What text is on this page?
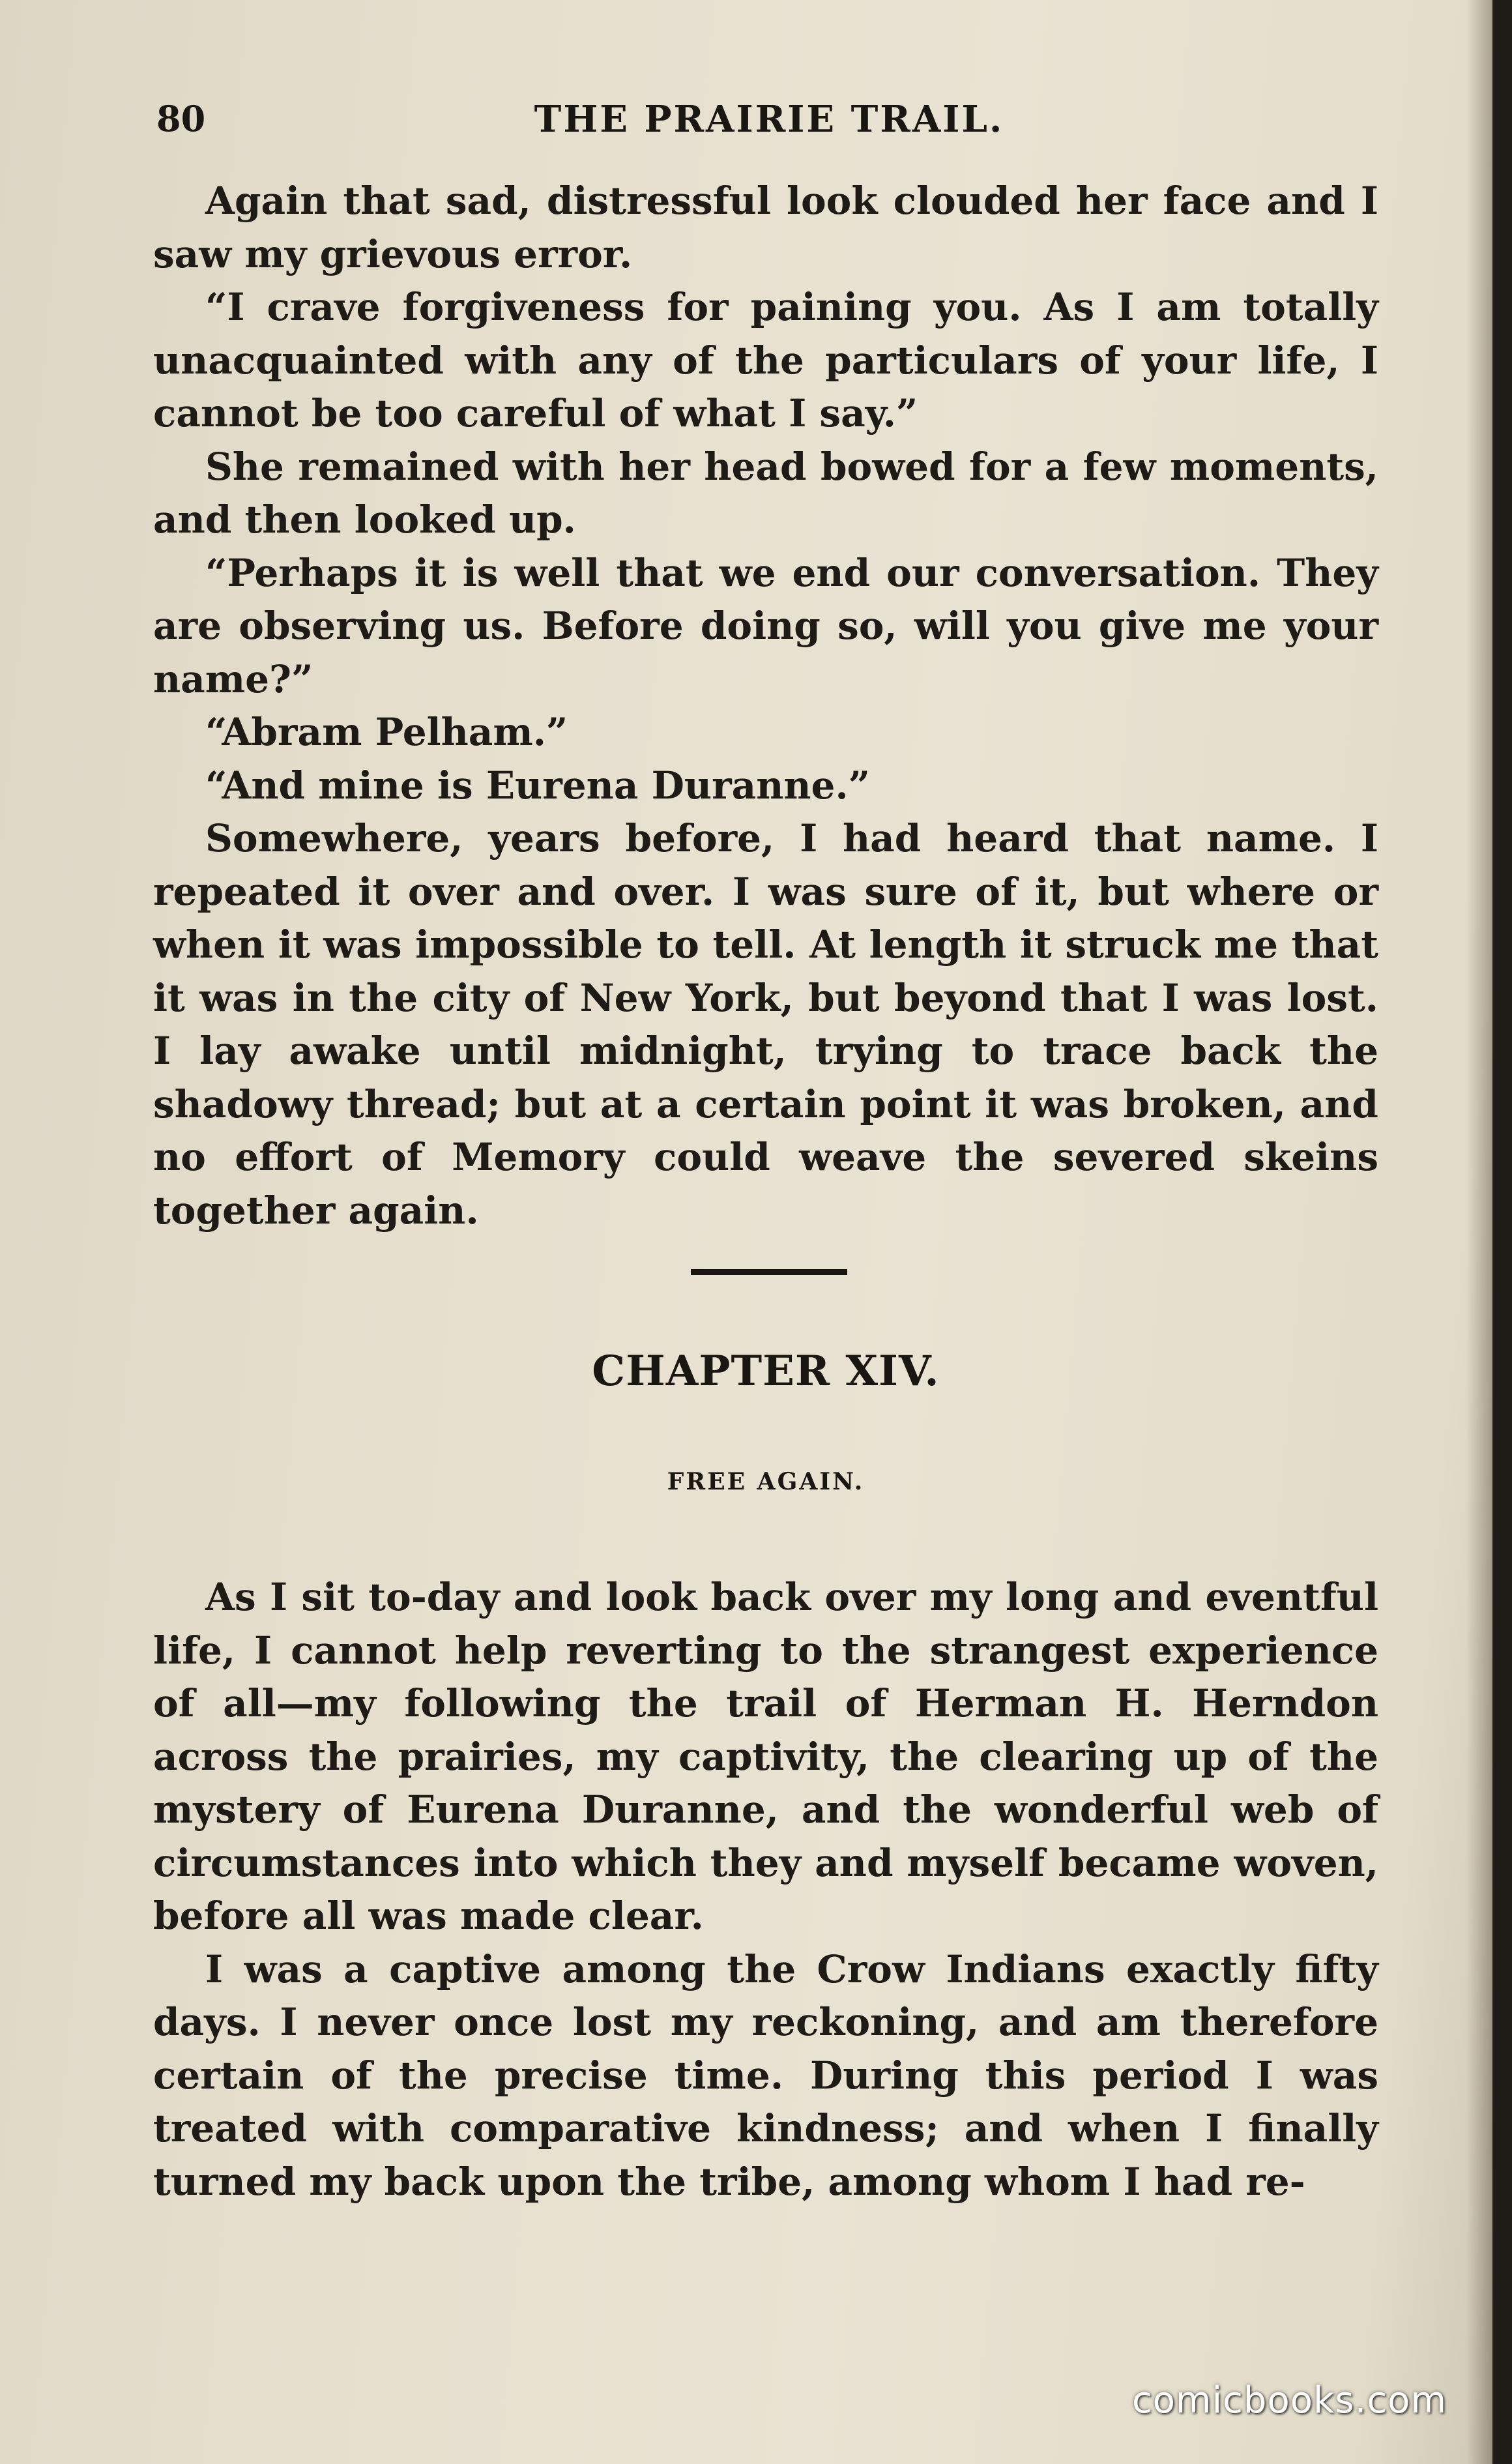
THE PRAIRIE TRAIL.
80

Again that sad, distressful look clouded her face and I saw my grievous error.

“I crave forgiveness for paining you. As I am totally unacquainted with any of the particulars of your life, I cannot be too careful of what I say.”

She remained with her head bowed for a few moments, and then looked up.

“Perhaps it is well that we end our conversation. They are observing us. Before doing so, will you give me your name?”

“Abram Pelham.”

“And mine is Eurena Duranne.”

Somewhere, years before, I had heard that name. I repeated it over and over. I was sure of it, but where or when it was impossible to tell. At length it struck me that it was in the city of New York, but beyond that I was lost. I lay awake until midnight, trying to trace back the shadowy thread; but at a certain point it was broken, and no effort of Memory could weave the severed skeins together again.

CHAPTER XIV.
FREE AGAIN.

As I sit to-day and look back over my long and eventful life, I cannot help reverting to the strangest experience of all—my following the trail of Herman H. Herndon across the prairies, my captivity, the clearing up of the mystery of Eurena Duranne, and the wonderful web of circumstances into which they and myself became woven, before all was made clear.

I was a captive among the Crow Indians exactly fifty days. I never once lost my reckoning, and am therefore certain of the precise time. During this period I was treated with comparative kindness; and when I finally turned my back upon the tribe, among whom I had re-

comicbooks.com
